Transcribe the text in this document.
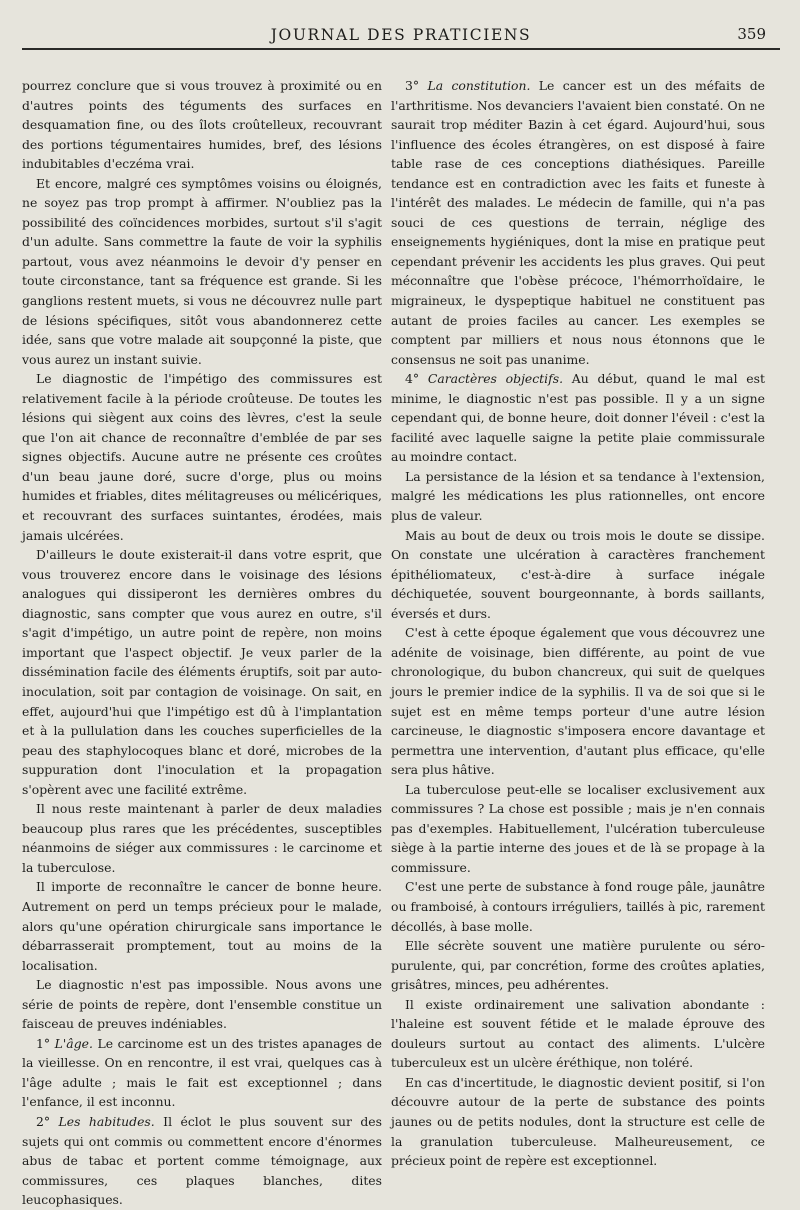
JOURNAL DES PRATICIENS	359

pourrez conclure que si vous trouvez à proximité ou en d'autres points des téguments des surfaces en desquamation fine, ou des îlots croûtelleux, recouvrant des portions tégumentaires humides, bref, des lésions indubitables d'eczéma vrai.

Et encore, malgré ces symptômes voisins ou éloignés, ne soyez pas trop prompt à affirmer. N'oubliez pas la possibilité des coïncidences morbides, surtout s'il s'agit d'un adulte. Sans commettre la faute de voir la syphilis partout, vous avez néanmoins le devoir d'y penser en toute circonstance, tant sa fréquence est grande. Si les ganglions restent muets, si vous ne découvrez nulle part de lésions spécifiques, sitôt vous abandonnerez cette idée, sans que votre malade ait soupçonné la piste, que vous aurez un instant suivie.

Le diagnostic de l'impétigo des commissures est relativement facile à la période croûteuse. De toutes les lésions qui siègent aux coins des lèvres, c'est la seule que l'on ait chance de reconnaître d'emblée de par ses signes objectifs. Aucune autre ne présente ces croûtes d'un beau jaune doré, sucre d'orge, plus ou moins humides et friables, dites mélitagreuses ou mélicériques, et recouvrant des surfaces suintantes, érodées, mais jamais ulcérées.

D'ailleurs le doute existerait-il dans votre esprit, que vous trouverez encore dans le voisinage des lésions analogues qui dissiperont les dernières ombres du diagnostic, sans compter que vous aurez en outre, s'il s'agit d'impétigo, un autre point de repère, non moins important que l'aspect objectif. Je veux parler de la dissémination facile des éléments éruptifs, soit par auto-inoculation, soit par contagion de voisinage. On sait, en effet, aujourd'hui que l'impétigo est dû à l'implantation et à la pullulation dans les couches superficielles de la peau des staphylocoques blanc et doré, microbes de la suppuration dont l'inoculation et la propagation s'opèrent avec une facilité extrême.

Il nous reste maintenant à parler de deux maladies beaucoup plus rares que les précédentes, susceptibles néanmoins de siéger aux commissures : le carcinome et la tuberculose.

Il importe de reconnaître le cancer de bonne heure. Autrement on perd un temps précieux pour le malade, alors qu'une opération chirurgicale sans importance le débarrasserait promptement, tout au moins de la localisation.

Le diagnostic n'est pas impossible. Nous avons une série de points de repère, dont l'ensemble constitue un faisceau de preuves indéniables.

1° L'âge. Le carcinome est un des tristes apanages de la vieillesse. On en rencontre, il est vrai, quelques cas à l'âge adulte ; mais le fait est exceptionnel ; dans l'enfance, il est inconnu.

2° Les habitudes. Il éclot le plus souvent sur des sujets qui ont commis ou commettent encore d'énormes abus de tabac et portent comme témoignage, aux commissures, ces plaques blanches, dites leucophasiques.

3° La constitution. Le cancer est un des méfaits de l'arthritisme. Nos devanciers l'avaient bien constaté. On ne saurait trop méditer Bazin à cet égard. Aujourd'hui, sous l'influence des écoles étrangères, on est disposé à faire table rase de ces conceptions diathésiques. Pareille tendance est en contradiction avec les faits et funeste à l'intérêt des malades. Le médecin de famille, qui n'a pas souci de ces questions de terrain, néglige des enseignements hygiéniques, dont la mise en pratique peut cependant prévenir les accidents les plus graves. Qui peut méconnaître que l'obèse précoce, l'hémorrhoïdaire, le migraineux, le dyspeptique habituel ne constituent pas autant de proies faciles au cancer. Les exemples se comptent par milliers et nous nous étonnons que le consensus ne soit pas unanime.

4° Caractères objectifs. Au début, quand le mal est minime, le diagnostic n'est pas possible. Il y a un signe cependant qui, de bonne heure, doit donner l'éveil : c'est la facilité avec laquelle saigne la petite plaie commissurale au moindre contact.

La persistance de la lésion et sa tendance à l'extension, malgré les médications les plus rationnelles, ont encore plus de valeur.

Mais au bout de deux ou trois mois le doute se dissipe. On constate une ulcération à caractères franchement épithéliomateux, c'est-à-dire à surface inégale déchiquetée, souvent bourgeonnante, à bords saillants, éversés et durs.

C'est à cette époque également que vous découvrez une adénite de voisinage, bien différente, au point de vue chronologique, du bubon chancreux, qui suit de quelques jours le premier indice de la syphilis. Il va de soi que si le sujet est en même temps porteur d'une autre lésion carcineuse, le diagnostic s'imposera encore davantage et permettra une intervention, d'autant plus efficace, qu'elle sera plus hâtive.

La tuberculose peut-elle se localiser exclusivement aux commissures ? La chose est possible ; mais je n'en connais pas d'exemples. Habituellement, l'ulcération tuberculeuse siège à la partie interne des joues et de là se propage à la commissure.

C'est une perte de substance à fond rouge pâle, jaunâtre ou framboisé, à contours irréguliers, taillés à pic, rarement décollés, à base molle.

Elle sécrète souvent une matière purulente ou séro-purulente, qui, par concrétion, forme des croûtes aplaties, grisâtres, minces, peu adhérentes.

Il existe ordinairement une salivation abondante : l'haleine est souvent fétide et le malade éprouve des douleurs surtout au contact des aliments. L'ulcère tuberculeux est un ulcère éréthique, non toléré.

En cas d'incertitude, le diagnostic devient positif, si l'on découvre autour de la perte de substance des points jaunes ou de petits nodules, dont la structure est celle de la granulation tuberculeuse. Malheureusement, ce précieux point de repère est exceptionnel.
